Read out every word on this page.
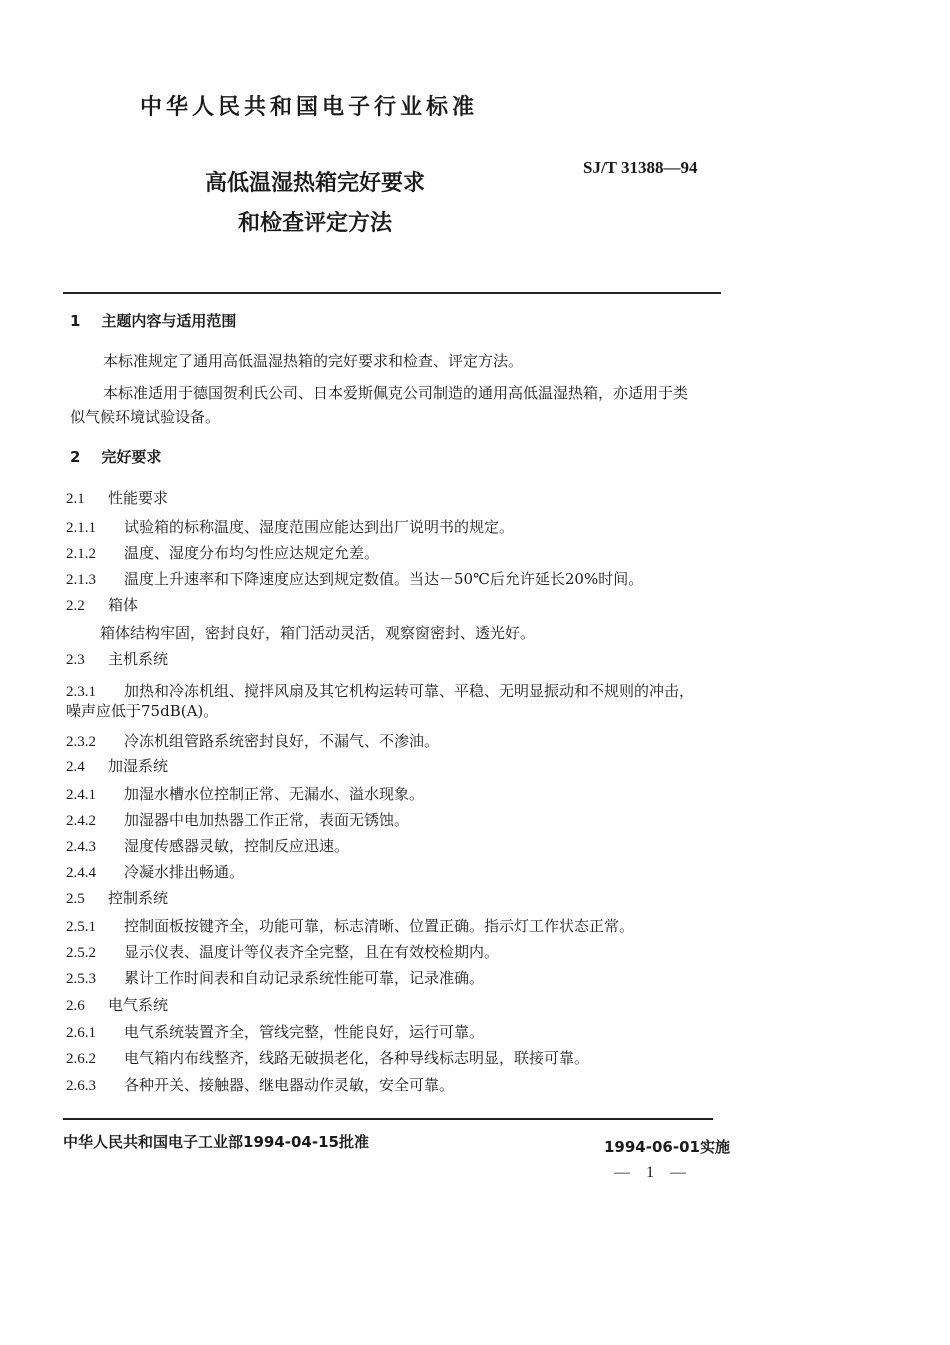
中华人民共和国电子行业标准
高低温湿热箱完好要求
和检查评定方法
SJ/T 31388—94
1 主题内容与适用范围
本标准规定了通用高低温湿热箱的完好要求和检查、评定方法。
本标准适用于德国贺利氏公司、日本爱斯佩克公司制造的通用高低温湿热箱，亦适用于类
似气候环境试验设备。
2 完好要求
2.1 性能要求
2.1.1 试验箱的标称温度、湿度范围应能达到出厂说明书的规定。
2.1.2 温度、湿度分布均匀性应达规定允差。
2.1.3 温度上升速率和下降速度应达到规定数值。当达－50℃后允许延长20%时间。
2.2 箱体
箱体结构牢固，密封良好，箱门活动灵活，观察窗密封、透光好。
2.3 主机系统
2.3.1 加热和冷冻机组、搅拌风扇及其它机构运转可靠、平稳、无明显振动和不规则的冲击，
噪声应低于75dB(A)。
2.3.2 冷冻机组管路系统密封良好，不漏气、不渗油。
2.4 加湿系统
2.4.1 加湿水槽水位控制正常、无漏水、溢水现象。
2.4.2 加湿器中电加热器工作正常，表面无锈蚀。
2.4.3 湿度传感器灵敏，控制反应迅速。
2.4.4 冷凝水排出畅通。
2.5 控制系统
2.5.1 控制面板按键齐全，功能可靠，标志清晰、位置正确。指示灯工作状态正常。
2.5.2 显示仪表、温度计等仪表齐全完整，且在有效校检期内。
2.5.3 累计工作时间表和自动记录系统性能可靠，记录准确。
2.6 电气系统
2.6.1 电气系统装置齐全，管线完整，性能良好，运行可靠。
2.6.2 电气箱内布线整齐，线路无破损老化，各种导线标志明显，联接可靠。
2.6.3 各种开关、接触器、继电器动作灵敏，安全可靠。
中华人民共和国电子工业部1994-04-15批准	1994-06-01实施
— 1 —
